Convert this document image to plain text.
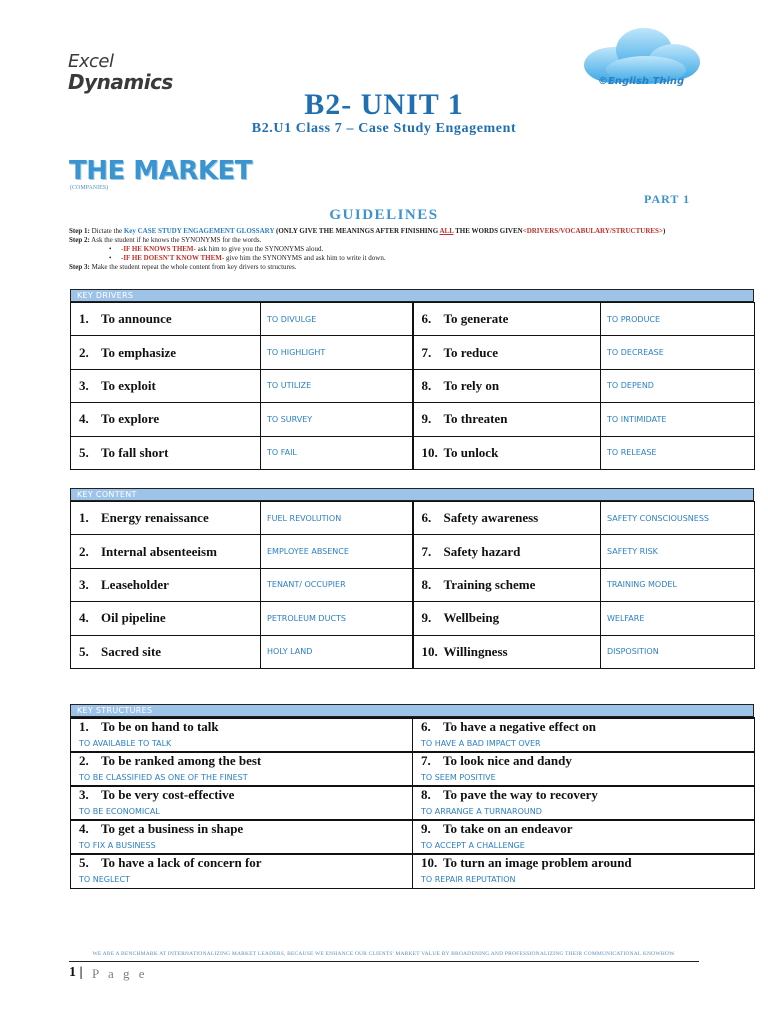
Excel
Dynamics	©English Thing
B2- UNIT 1
B2.U1 Class 7 – Case Study Engagement
THE MARKET
(COMPANIES)
PART 1
GUIDELINES
Step 1: Dictate the Key CASE STUDY ENGAGEMENT GLOSSARY (ONLY GIVE THE MEANINGS AFTER FINISHING ALL THE WORDS GIVEN<DRIVERS/VOCABULARY/STRUCTURES>)
Step 2: Ask the student if he knows the SYNONYMS for the words.
• -IF HE KNOWS THEM- ask him to give you the SYNONYMS aloud.
• -IF HE DOESN'T KNOW THEM- give him the SYNONYMS and ask him to write it down.
Step 3: Make the student repeat the whole content from key drivers to structures.
KEY DRIVERS
1. To announce	TO DIVULGE	6. To generate	TO PRODUCE
2. To emphasize	TO HIGHLIGHT	7. To reduce	TO DECREASE
3. To exploit	TO UTILIZE	8. To rely on	TO DEPEND
4. To explore	TO SURVEY	9. To threaten	TO INTIMIDATE
5. To fall short	TO FAIL	10. To unlock	TO RELEASE
KEY CONTENT
1. Energy renaissance	FUEL REVOLUTION	6. Safety awareness	SAFETY CONSCIOUSNESS
2. Internal absenteeism	EMPLOYEE ABSENCE	7. Safety hazard	SAFETY RISK
3. Leaseholder	TENANT/ OCCUPIER	8. Training scheme	TRAINING MODEL
4. Oil pipeline	PETROLEUM DUCTS	9. Wellbeing	WELFARE
5. Sacred site	HOLY LAND	10. Willingness	DISPOSITION
KEY STRUCTURES
1. To be on hand to talk	6. To have a negative effect on
TO AVAILABLE TO TALK	TO HAVE A BAD IMPACT OVER
2. To be ranked among the best	7. To look nice and dandy
TO BE CLASSIFIED AS ONE OF THE FINEST	TO SEEM POSITIVE
3. To be very cost-effective	8. To pave the way to recovery
TO BE ECONOMICAL	TO ARRANGE A TURNAROUND
4. To get a business in shape	9. To take on an endeavor
TO FIX A BUSINESS	TO ACCEPT A CHALLENGE
5. To have a lack of concern for	10. To turn an image problem around
TO NEGLECT	TO REPAIR REPUTATION
WE ARE A BENCHMARK AT INTERNATIONALIZING MARKET LEADERS, BECAUSE WE ENHANCE OUR CLIENTS' MARKET VALUE BY BROADENING AND PROFESSIONALIZING THEIR COMMUNICATIONAL KNOWHOW.
1 | P a g e
